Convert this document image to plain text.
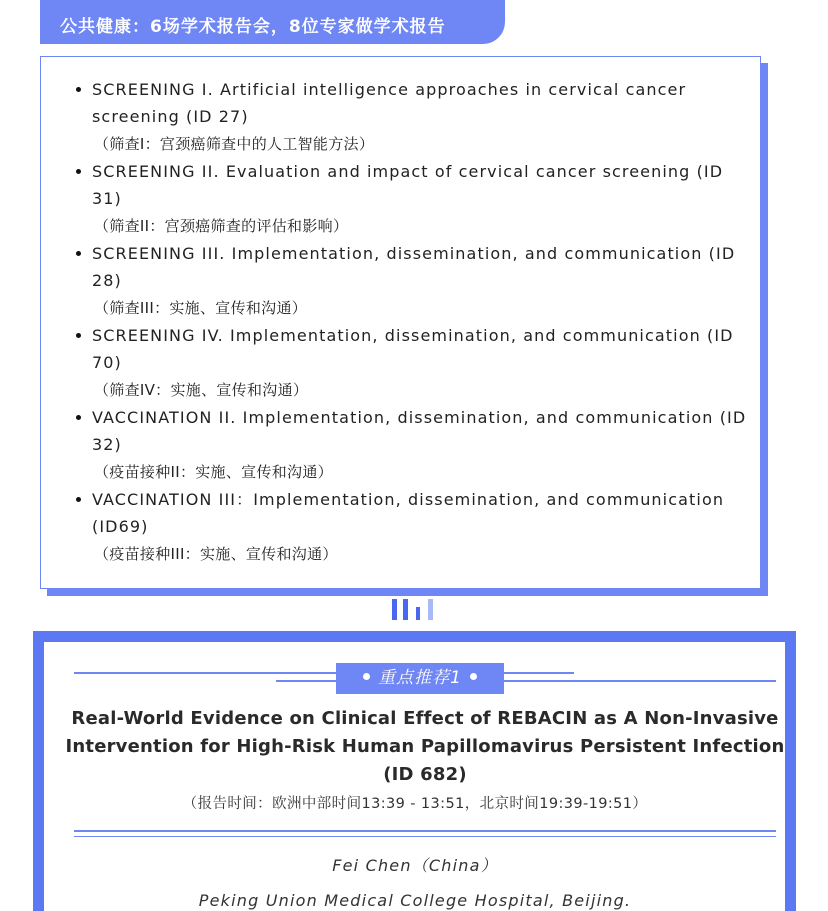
公共健康：6场学术报告会，8位专家做学术报告
SCREENING I. Artificial intelligence approaches in cervical cancer screening (ID 27)
（筛查I：宫颈癌筛查中的人工智能方法）
SCREENING II. Evaluation and impact of cervical cancer screening (ID 31)
（筛查II：宫颈癌筛查的评估和影响）
SCREENING III. Implementation, dissemination, and communication (ID 28)
（筛查III：实施、宣传和沟通）
SCREENING IV. Implementation, dissemination, and communication (ID 70)
（筛查IV：实施、宣传和沟通）
VACCINATION II. Implementation, dissemination, and communication (ID 32)
（疫苗接种II：实施、宣传和沟通）
VACCINATION III：Implementation, dissemination, and communication (ID69)
（疫苗接种III：实施、宣传和沟通）
重点推荐1
Real-World Evidence on Clinical Effect of REBACIN as A Non-Invasive Intervention for High-Risk Human Papillomavirus Persistent Infection (ID 682)
（报告时间：欧洲中部时间13:39 - 13:51，北京时间19:39-19:51）
Fei Chen（China）
Peking Union Medical College Hospital, Beijing.
